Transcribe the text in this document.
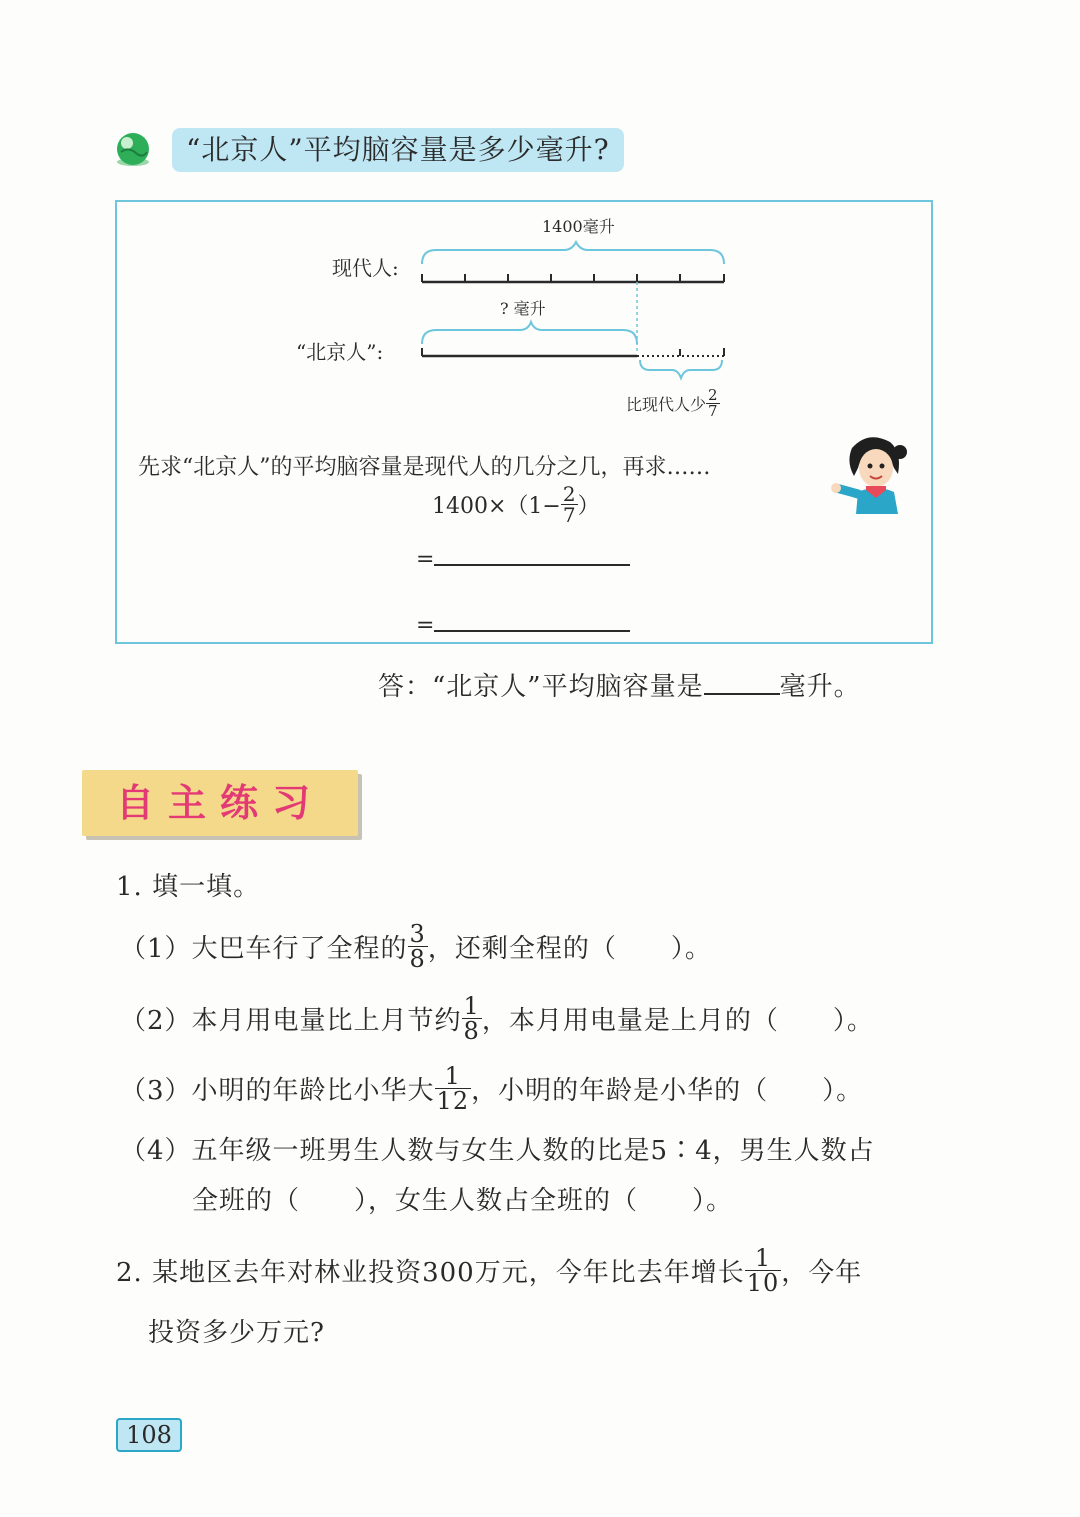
“北京人”平均脑容量是多少毫升?
1400毫升
现代人:
? 毫升
“北京人”:
比现代人少 $\frac{2}{7}$
先求“北京人”的平均脑容量是现代人的几分之几，再求……
$1400\times(1- \frac{2}{7}$ ）
=
=
答：“北京人”平均脑容量是	毫升。
自主练习
1. 填一填。
（1）大巴车行了全程的 $\frac{3}{8}$ ，还剩全程的（　　）。
（2）本月用电量比上月节约 $\frac{1}{8}$ ，本月用电量是上月的（　　）。
（3）小明的年龄比小华大 $\frac{1}{12}$ ，小明的年龄是小华的（　　）。
（4）五年级一班男生人数与女生人数的比是5∶4，男生人数占
全班的（　　），女生人数占全班的（　　）。
2. 某地区去年对林业投资300万元，今年比去年增长 $\frac{1}{10}$ ，今年
投资多少万元?
108
